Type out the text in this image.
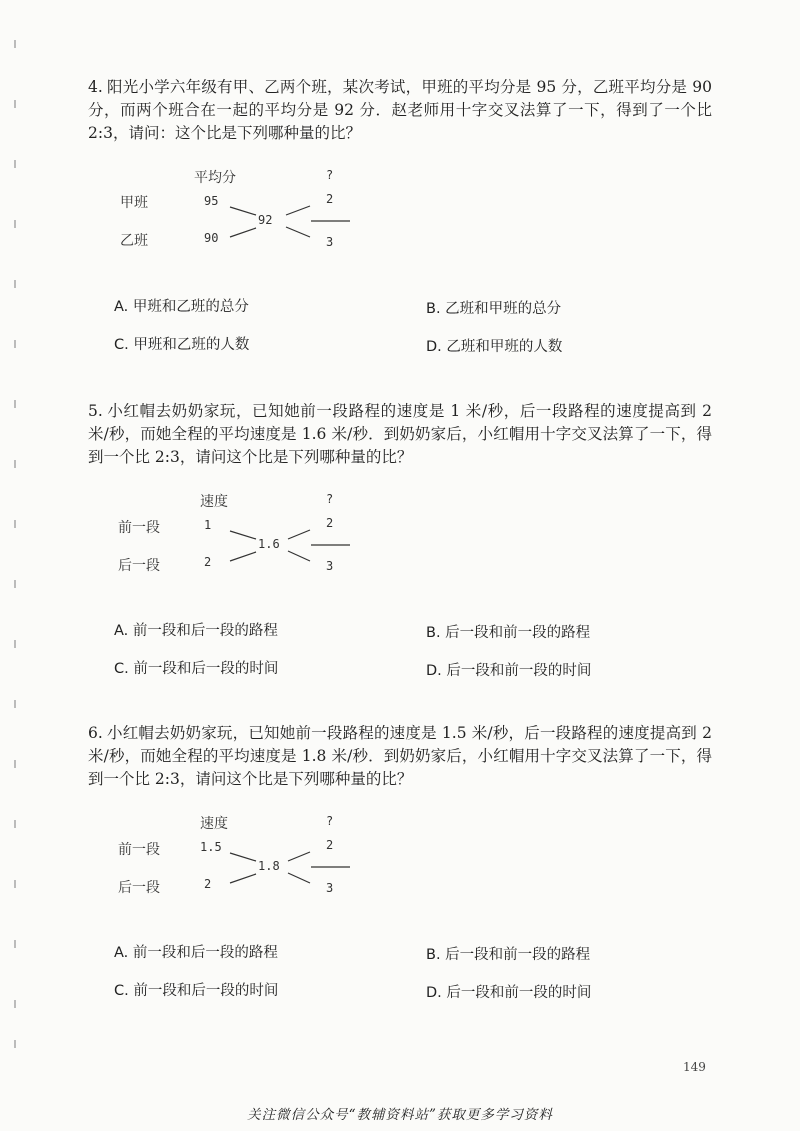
4. 阳光小学六年级有甲、乙两个班，某次考试，甲班的平均分是 95 分，乙班平均分是 90 分，而两个班合在一起的平均分是 92 分．赵老师用十字交叉法算了一下，得到了一个比 2:3，请问：这个比是下列哪种量的比？

平均分	?
甲班
乙班
95
90
92
2
3
A. 甲班和乙班的总分	B. 乙班和甲班的总分
C. 甲班和乙班的人数	D. 乙班和甲班的人数

5. 小红帽去奶奶家玩，已知她前一段路程的速度是 1 米/秒，后一段路程的速度提高到 2 米/秒，而她全程的平均速度是 1.6 米/秒．到奶奶家后，小红帽用十字交叉法算了一下，得到一个比 2:3，请问这个比是下列哪种量的比？

速度	?
前一段
后一段
1
2
1.6
2
3
A. 前一段和后一段的路程	B. 后一段和前一段的路程
C. 前一段和后一段的时间	D. 后一段和前一段的时间

6. 小红帽去奶奶家玩，已知她前一段路程的速度是 1.5 米/秒，后一段路程的速度提高到 2 米/秒，而她全程的平均速度是 1.8 米/秒．到奶奶家后，小红帽用十字交叉法算了一下，得到一个比 2:3，请问这个比是下列哪种量的比？

速度	?
前一段
后一段
1.5
2
1.8
2
3
A. 前一段和后一段的路程	B. 后一段和前一段的路程
C. 前一段和后一段的时间	D. 后一段和前一段的时间
149
关注微信公众号“教辅资料站”获取更多学习资料
